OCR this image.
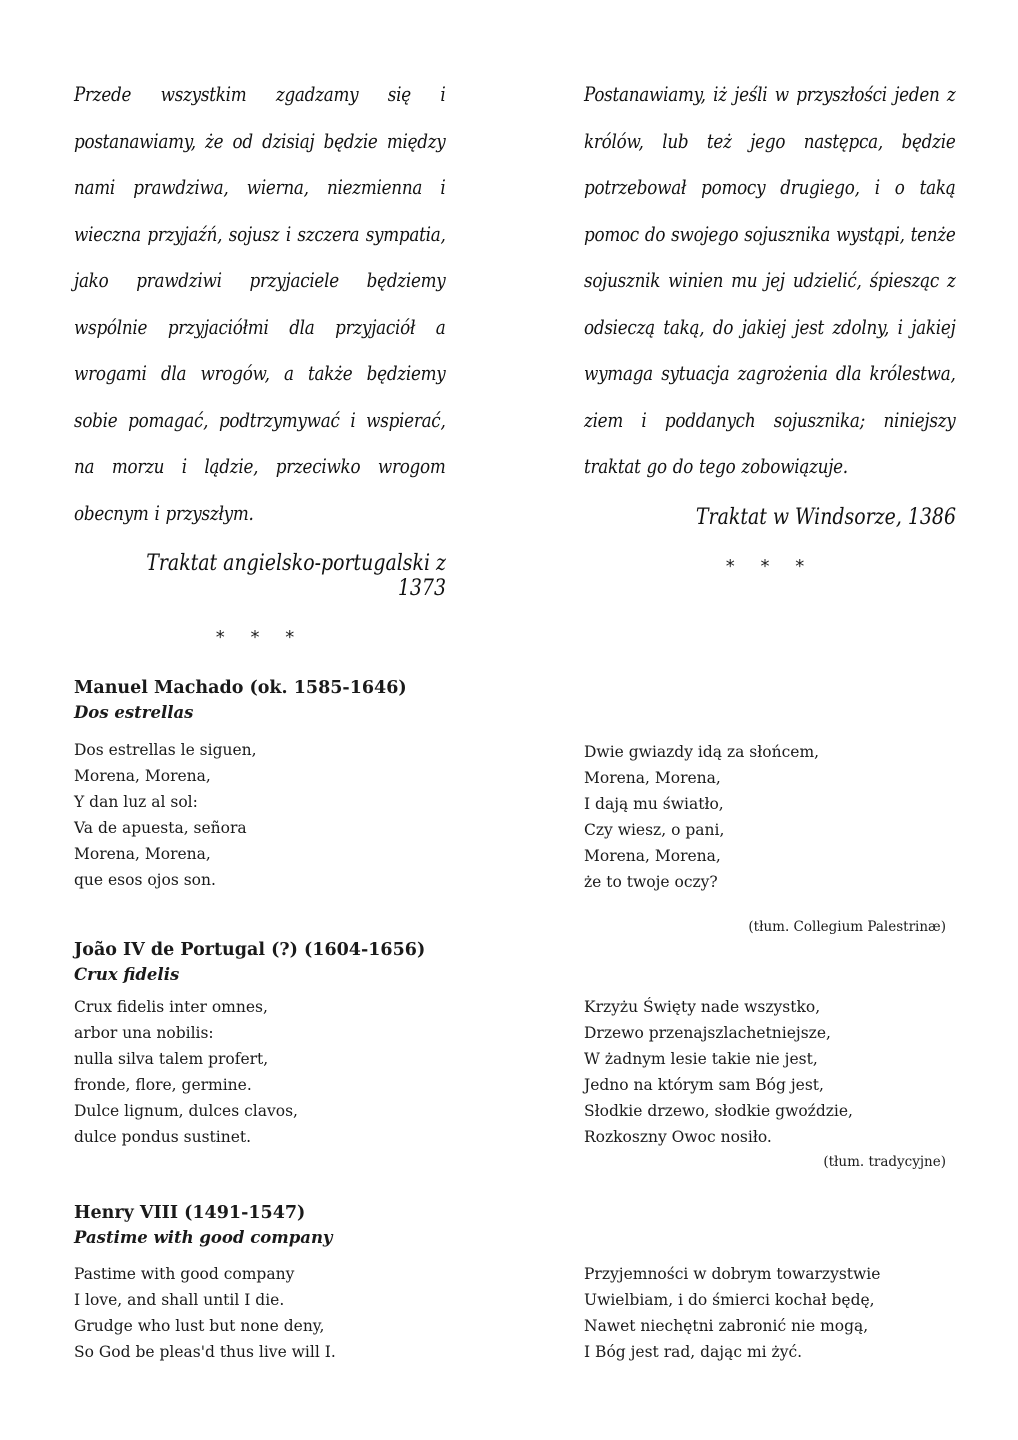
Przede wszystkim zgadzamy się i postanawiamy, że od dzisiaj będzie między nami prawdziwa, wierna, niezmienna i wieczna przyjaźń, sojusz i szczera sympatia, jako prawdziwi przyjaciele będziemy wspólnie przyjaciółmi dla przyjaciół a wrogami dla wrogów, a także będziemy sobie pomagać, podtrzymywać i wspierać, na morzu i lądzie, przeciwko wrogom obecnym i przyszłym.

Traktat angielsko-portugalski z 1373
* * *

Postanawiamy, iż jeśli w przyszłości jeden z królów, lub też jego następca, będzie potrzebował pomocy drugiego, i o taką pomoc do swojego sojusznika wystąpi, tenże sojusznik winien mu jej udzielić, śpiesząc z odsieczą taką, do jakiej jest zdolny, i jakiej wymaga sytuacja zagrożenia dla królestwa, ziem i poddanych sojusznika; niniejszy traktat go do tego zobowiązuje.

Traktat w Windsorze, 1386
* * *
Manuel Machado (ok. 1585-1646)
Dos estrellas
Dos estrellas le siguen,
Morena, Morena,
Y dan luz al sol:
Va de apuesta, señora
Morena, Morena,
que esos ojos son.
Dwie gwiazdy idą za słońcem,
Morena, Morena,
I dają mu światło,
Czy wiesz, o pani,
Morena, Morena,
że to twoje oczy?
(tłum. Collegium Palestrinæ)
João IV de Portugal (?) (1604-1656)
Crux fidelis
Crux fidelis inter omnes,
arbor una nobilis:
nulla silva talem profert,
fronde, flore, germine.
Dulce lignum, dulces clavos,
dulce pondus sustinet.
Krzyżu Święty nade wszystko,
Drzewo przenajszlachetniejsze,
W żadnym lesie takie nie jest,
Jedno na którym sam Bóg jest,
Słodkie drzewo, słodkie gwoździe,
Rozkoszny Owoc nosiło.
(tłum. tradycyjne)
Henry VIII (1491-1547)
Pastime with good company
Pastime with good company
I love, and shall until I die.
Grudge who lust but none deny,
So God be pleas'd thus live will I.
Przyjemności w dobrym towarzystwie
Uwielbiam, i do śmierci kochał będę,
Nawet niechętni zabronić nie mogą,
I Bóg jest rad, dając mi żyć.
